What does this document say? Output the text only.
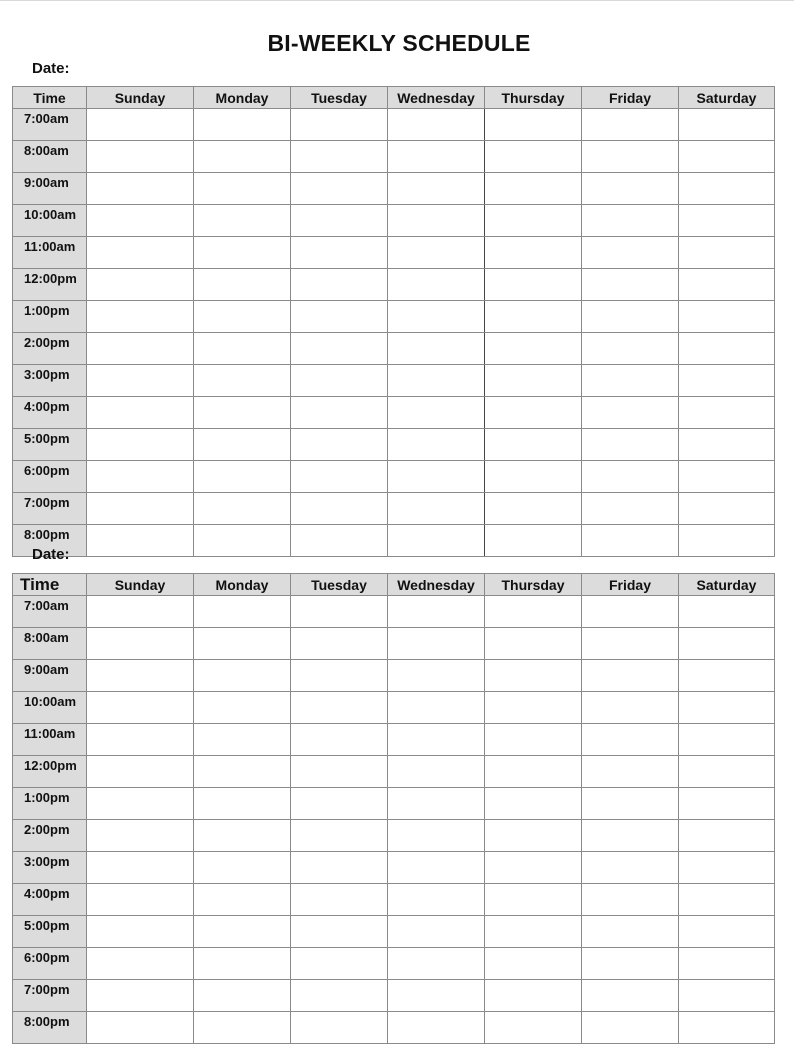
BI-WEEKLY SCHEDULE
Date:
Time	Sunday	Monday	Tuesday	Wednesday	Thursday	Friday	Saturday
7:00am							
8:00am							
9:00am							
10:00am							
11:00am							
12:00pm							
1:00pm							
2:00pm							
3:00pm							
4:00pm							
5:00pm							
6:00pm							
7:00pm							
8:00pm							
Date:
Time	Sunday	Monday	Tuesday	Wednesday	Thursday	Friday	Saturday
7:00am							
8:00am							
9:00am							
10:00am							
11:00am							
12:00pm							
1:00pm							
2:00pm							
3:00pm							
4:00pm							
5:00pm							
6:00pm							
7:00pm							
8:00pm							
